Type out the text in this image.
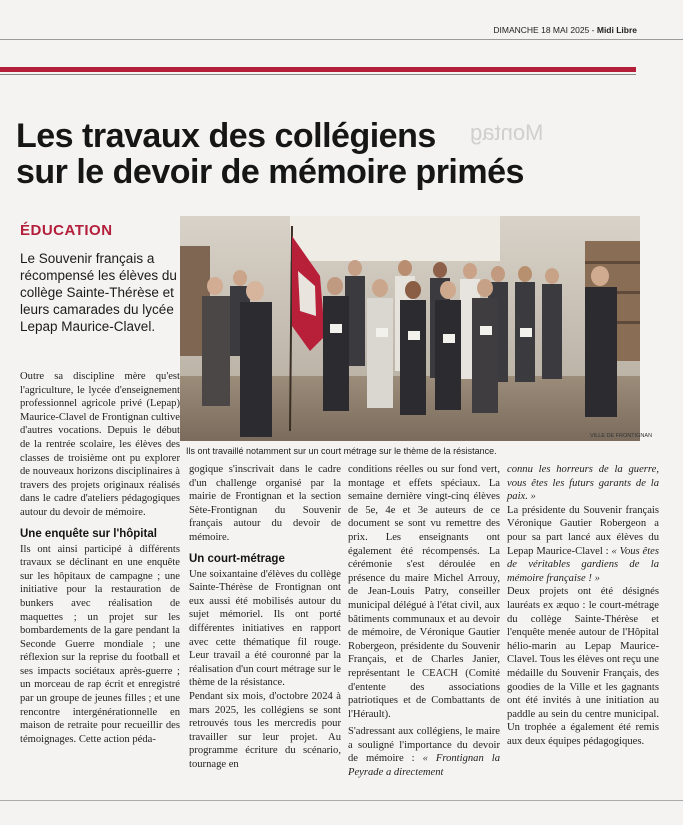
DIMANCHE 18 MAI 2025 - Midi Libre
Montag
Les travaux des collégiens
sur le devoir de mémoire primés
ÉDUCATION
Le Souvenir français a récompensé les élèves du collège Sainte-Thérèse et leurs camarades du lycée Lepap Maurice-Clavel.
VILLE DE FRONTIGNAN
Ils ont travaillé notamment sur un court métrage sur le thème de la résistance.

Outre sa discipline mère qu'est l'agriculture, le lycée d'enseignement professionnel agricole privé (Lepap) Maurice-Clavel de Frontignan cultive d'autres vocations. Depuis le début de la rentrée scolaire, les élèves des classes de troisième ont pu explorer de nouveaux horizons disciplinaires à travers des projets originaux réalisés dans le cadre d'ateliers pédagogiques autour du devoir de mémoire.

Une enquête sur l'hôpital

Ils ont ainsi participé à différents travaux se déclinant en une enquête sur les hôpitaux de campagne ; une initiative pour la restauration de bunkers avec réalisation de maquettes ; un projet sur les bombardements de la gare pendant la Seconde Guerre mondiale ; une réflexion sur la reprise du football et ses impacts sociétaux après-guerre ; un morceau de rap écrit et enregistré par un groupe de jeunes filles ; et une rencontre intergénérationnelle en maison de retraite pour recueillir des témoignages. Cette action péda-

gogique s'inscrivait dans le cadre d'un challenge organisé par la mairie de Frontignan et la section Sète-Frontignan du Souvenir français autour du devoir de mémoire.

Un court-métrage

Une soixantaine d'élèves du collège Sainte-Thérèse de Frontignan ont eux aussi été mobilisés autour du sujet mémoriel. Ils ont porté différentes initiatives en rapport avec cette thématique fil rouge. Leur travail a été couronné par la réalisation d'un court métrage sur le thème de la résistance.

Pendant six mois, d'octobre 2024 à mars 2025, les collégiens se sont retrouvés tous les mercredis pour travailler sur leur projet. Au programme écriture du scénario, tournage en

conditions réelles ou sur fond vert, montage et effets spéciaux. La semaine dernière vingt-cinq élèves de 5e, 4e et 3e auteurs de ce document se sont vu remettre des prix. Les enseignants ont également été récompensés. La cérémonie s'est déroulée en présence du maire Michel Arrouy, de Jean-Louis Patry, conseiller municipal délégué à l'état civil, aux bâtiments communaux et au devoir de mémoire, de Véronique Gautier Robergeon, présidente du Souvenir Français, et de Charles Janier, représentant le CEACH (Comité d'entente des associations patriotiques et de Combattants de l'Hérault).

S'adressant aux collégiens, le maire a souligné l'importance du devoir de mémoire : « Frontignan la Peyrade a directement

connu les horreurs de la guerre, vous êtes les futurs garants de la paix. »

La présidente du Souvenir français Véronique Gautier Robergeon a pour sa part lancé aux élèves du Lepap Maurice-Clavel : « Vous êtes de véritables gardiens de la mémoire française ! »

Deux projets ont été désignés lauréats ex æquo : le court-métrage du collège Sainte-Thérèse et l'enquête menée autour de l'Hôpital hélio-marin au Lepap Maurice-Clavel. Tous les élèves ont reçu une médaille du Souvenir Français, des goodies de la Ville et les gagnants ont été invités à une initiation au paddle au sein du centre municipal. Un trophée a également été remis aux deux équipes pédagogiques.
